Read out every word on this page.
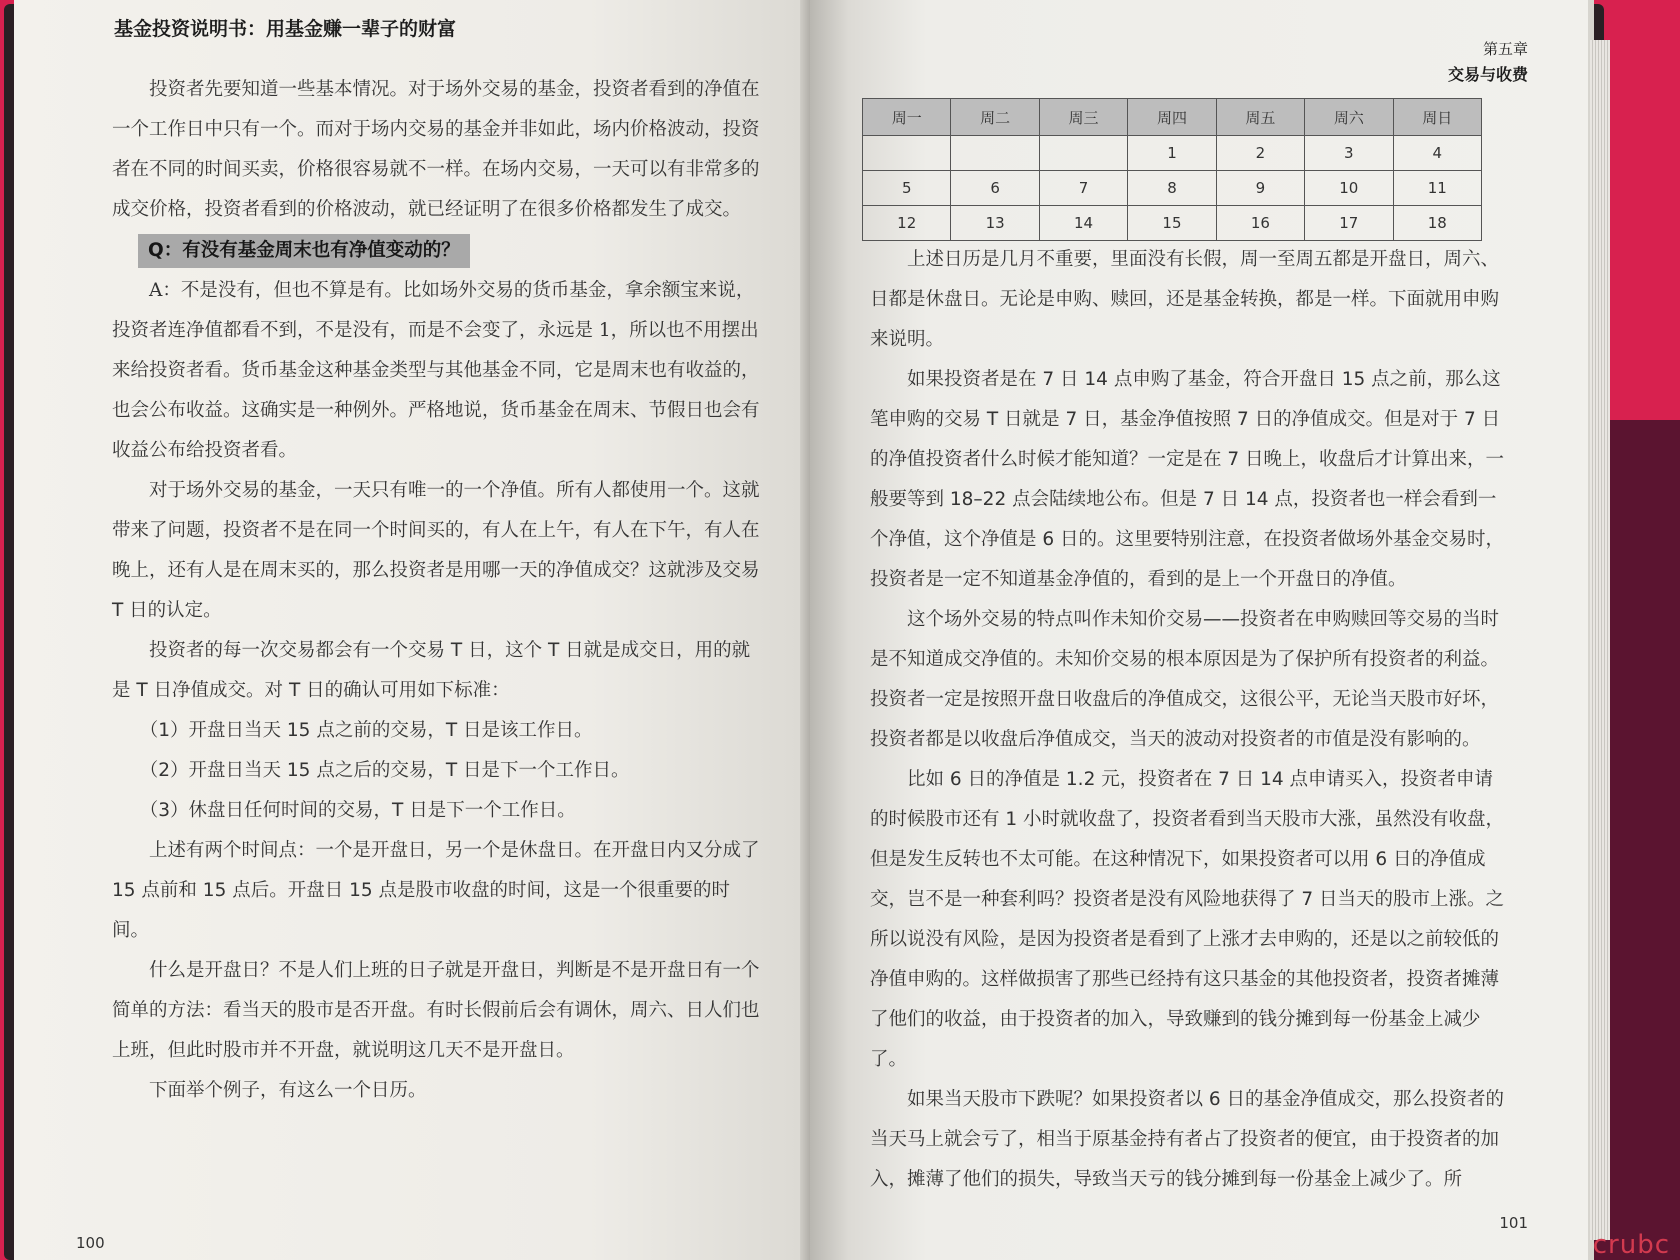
基金投资说明书：用基金赚一辈子的财富

投资者先要知道一些基本情况。对于场外交易的基金，投资者看到的净值在一个工作日中只有一个。而对于场内交易的基金并非如此，场内价格波动，投资者在不同的时间买卖，价格很容易就不一样。在场内交易，一天可以有非常多的成交价格，投资者看到的价格波动，就已经证明了在很多价格都发生了成交。

Q：有没有基金周末也有净值变动的？

A：不是没有，但也不算是有。比如场外交易的货币基金，拿余额宝来说，投资者连净值都看不到，不是没有，而是不会变了，永远是 1，所以也不用摆出来给投资者看。货币基金这种基金类型与其他基金不同，它是周末也有收益的，也会公布收益。这确实是一种例外。严格地说，货币基金在周末、节假日也会有收益公布给投资者看。

对于场外交易的基金，一天只有唯一的一个净值。所有人都使用一个。这就带来了问题，投资者不是在同一个时间买的，有人在上午，有人在下午，有人在晚上，还有人是在周末买的，那么投资者是用哪一天的净值成交？这就涉及交易 T 日的认定。

投资者的每一次交易都会有一个交易 T 日，这个 T 日就是成交日，用的就是 T 日净值成交。对 T 日的确认可用如下标准：

（1）开盘日当天 15 点之前的交易，T 日是该工作日。

（2）开盘日当天 15 点之后的交易，T 日是下一个工作日。

（3）休盘日任何时间的交易，T 日是下一个工作日。

上述有两个时间点：一个是开盘日，另一个是休盘日。在开盘日内又分成了 15 点前和 15 点后。开盘日 15 点是股市收盘的时间，这是一个很重要的时间。

什么是开盘日？不是人们上班的日子就是开盘日，判断是不是开盘日有一个简单的方法：看当天的股市是否开盘。有时长假前后会有调休，周六、日人们也上班，但此时股市并不开盘，就说明这几天不是开盘日。

下面举个例子，有这么一个日历。

100
第五章
交易与收费
周一	周二	周三	周四	周五	周六	周日
			1	2	3	4
5	6	7	8	9	10	11
12	13	14	15	16	17	18

上述日历是几月不重要，里面没有长假，周一至周五都是开盘日，周六、日都是休盘日。无论是申购、赎回，还是基金转换，都是一样。下面就用申购来说明。

如果投资者是在 7 日 14 点申购了基金，符合开盘日 15 点之前，那么这笔申购的交易 T 日就是 7 日，基金净值按照 7 日的净值成交。但是对于 7 日的净值投资者什么时候才能知道？一定是在 7 日晚上，收盘后才计算出来，一般要等到 18–22 点会陆续地公布。但是 7 日 14 点，投资者也一样会看到一个净值，这个净值是 6 日的。这里要特别注意，在投资者做场外基金交易时，投资者是一定不知道基金净值的，看到的是上一个开盘日的净值。

这个场外交易的特点叫作未知价交易——投资者在申购赎回等交易的当时是不知道成交净值的。未知价交易的根本原因是为了保护所有投资者的利益。投资者一定是按照开盘日收盘后的净值成交，这很公平，无论当天股市好坏，投资者都是以收盘后净值成交，当天的波动对投资者的市值是没有影响的。

比如 6 日的净值是 1.2 元，投资者在 7 日 14 点申请买入，投资者申请的时候股市还有 1 小时就收盘了，投资者看到当天股市大涨，虽然没有收盘，但是发生反转也不太可能。在这种情况下，如果投资者可以用 6 日的净值成交，岂不是一种套利吗？投资者是没有风险地获得了 7 日当天的股市上涨。之所以说没有风险，是因为投资者是看到了上涨才去申购的，还是以之前较低的净值申购的。这样做损害了那些已经持有这只基金的其他投资者，投资者摊薄了他们的收益，由于投资者的加入，导致赚到的钱分摊到每一份基金上减少了。

如果当天股市下跌呢？如果投资者以 6 日的基金净值成交，那么投资者的当天马上就会亏了，相当于原基金持有者占了投资者的便宜，由于投资者的加入，摊薄了他们的损失，导致当天亏的钱分摊到每一份基金上减少了。所

101
crubc
